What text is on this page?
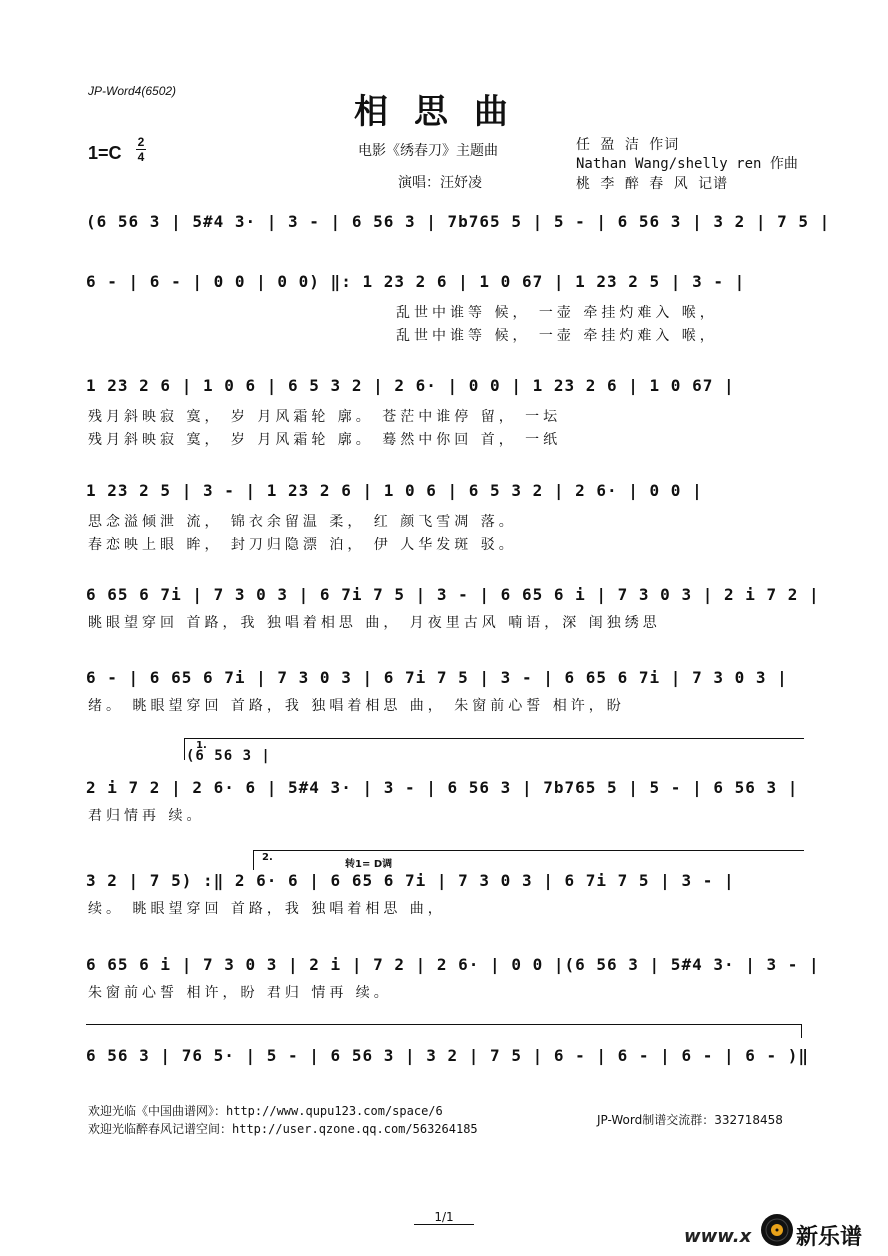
JP-Word4(6502)
相思曲
1=C
2
4	电影《绣春刀》主题曲
演唱：汪妤凌
任 盈 洁 作词
Nathan Wang/shelly ren 作曲
桃 李 醉 春 风 记谱
(6 56 3 | 5#4 3· | 3 - | 6 56 3 | 7b765 5 | 5 - | 6 56 3 | 3 2 | 7 5 |
6 - | 6 - | 0 0 | 0 0) ‖: 1 23 2 6 | 1 0 67 | 1 23 2 5 | 3 - |
乱世中谁等 候， 一壶 牵挂灼难入 喉，
乱世中谁等 候， 一壶 牵挂灼难入 喉，
1 23 2 6 | 1 0 6 | 6 5 3 2 | 2 6· | 0 0 | 1 23 2 6 | 1 0 67 |
残月斜映寂 寞， 岁 月风霜轮 廓。 苍茫中谁停 留， 一坛
残月斜映寂 寞， 岁 月风霜轮 廓。 蓦然中你回 首， 一纸
1 23 2 5 | 3 - | 1 23 2 6 | 1 0 6 | 6 5 3 2 | 2 6· | 0 0 |
思念溢倾泄 流， 锦衣余留温 柔， 红 颜飞雪凋 落。
春恋映上眼 眸， 封刀归隐漂 泊， 伊 人华发斑 驳。
6 65 6 7i | 7 3 0 3 | 6 7i 7 5 | 3 - | 6 65 6 i | 7 3 0 3 | 2 i 7 2 |
眺眼望穿回 首路，我 独唱着相思 曲， 月夜里古风 喃语，深 闺独绣思
6 - | 6 65 6 7i | 7 3 0 3 | 6 7i 7 5 | 3 - | 6 65 6 7i | 7 3 0 3 |
绪。 眺眼望穿回 首路，我 独唱着相思 曲， 朱窗前心誓 相许，盼
1.
(6 56 3 |
2 i 7 2 | 2 6· 6 | 5#4 3· | 3 - | 6 56 3 | 7b765 5 | 5 - | 6 56 3 |
君归情再 续。
2.
转1= D调
3 2 | 7 5) :‖ 2 6· 6 | 6 65 6 7i | 7 3 0 3 | 6 7i 7 5 | 3 - |
续。 眺眼望穿回 首路，我 独唱着相思 曲，
6 65 6 i | 7 3 0 3 | 2 i | 7 2 | 2 6· | 0 0 |(6 56 3 | 5#4 3· | 3 - |
朱窗前心誓 相许，盼 君归 情再 续。
6 56 3 | 76 5· | 5 - | 6 56 3 | 3 2 | 7 5 | 6 - | 6 - | 6 - | 6 - )‖
欢迎光临《中国曲谱网》：http://www.qupu123.com/space/6
欢迎光临醉春风记谱空间：http://user.qzone.qq.com/563264185
JP-Word制谱交流群：332718458
1/1
www.x 新乐谱
